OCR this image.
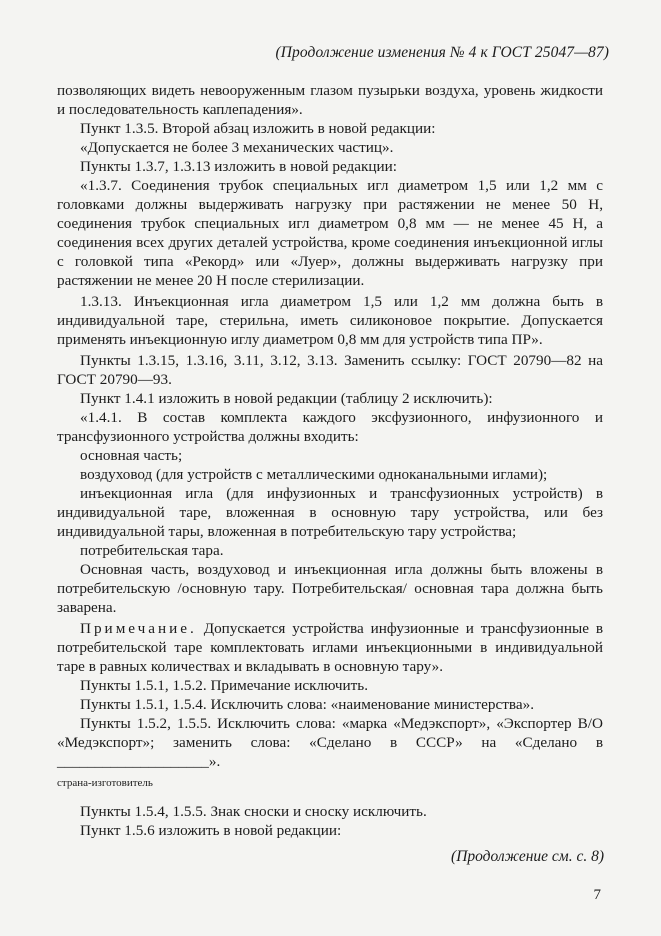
(Продолжение изменения № 4 к ГОСТ 25047—87)

позволяющих видеть невооруженным глазом пузырьки воздуха, уровень жидкости и последовательность каплепадения».

Пункт 1.3.5. Второй абзац изложить в новой редакции:

«Допускается не более 3 механических частиц».

Пункты 1.3.7, 1.3.13 изложить в новой редакции:

«1.3.7. Соединения трубок специальных игл диаметром 1,5 или 1,2 мм с головками должны выдерживать нагрузку при растяжении не менее 50 Н, соединения трубок специальных игл диаметром 0,8 мм — не менее 45 Н, а соединения всех других деталей устройства, кроме соединения инъекционной иглы с головкой типа «Рекорд» или «Луер», должны выдерживать нагрузку при растяжении не менее 20 Н после стерилизации.

1.3.13. Инъекционная игла диаметром 1,5 или 1,2 мм должна быть в индивидуальной таре, стерильна, иметь силиконовое покрытие. Допускается применять инъекционную иглу диаметром 0,8 мм для устройств типа ПР».

Пункты 1.3.15, 1.3.16, 3.11, 3.12, 3.13. Заменить ссылку: ГОСТ 20790—82 на ГОСТ 20790—93.

Пункт 1.4.1 изложить в новой редакции (таблицу 2 исключить):

«1.4.1. В состав комплекта каждого эксфузионного, инфузионного и трансфузионного устройства должны входить:

основная часть;

воздуховод (для устройств с металлическими одноканальными иглами);

инъекционная игла (для инфузионных и трансфузионных устройств) в индивидуальной таре, вложенная в основную тару устройства, или без индивидуальной тары, вложенная в потребительскую тару устройства;

потребительская тара.

Основная часть, воздуховод и инъекционная игла должны быть вложены в потребительскую /основную тару. Потребительская/ основная тара должна быть заварена.

Примечание. Допускается устройства инфузионные и трансфузионные в потребительской таре комплектовать иглами инъекционными в индивидуальной таре в равных количествах и вкладывать в основную тару».

Пункты 1.5.1, 1.5.2. Примечание исключить.

Пункты 1.5.1, 1.5.4. Исключить слова: «наименование министерства».

Пункты 1.5.2, 1.5.5. Исключить слова: «марка «Медэкспорт», «Экспортер В/О «Медэкспорт»; заменить слова: «Сделано в СССР» на «Сделано в ____________________».

страна-изготовитель

Пункты 1.5.4, 1.5.5. Знак сноски и сноску исключить.

Пункт 1.5.6 изложить в новой редакции:

(Продолжение см. с. 8)
7
